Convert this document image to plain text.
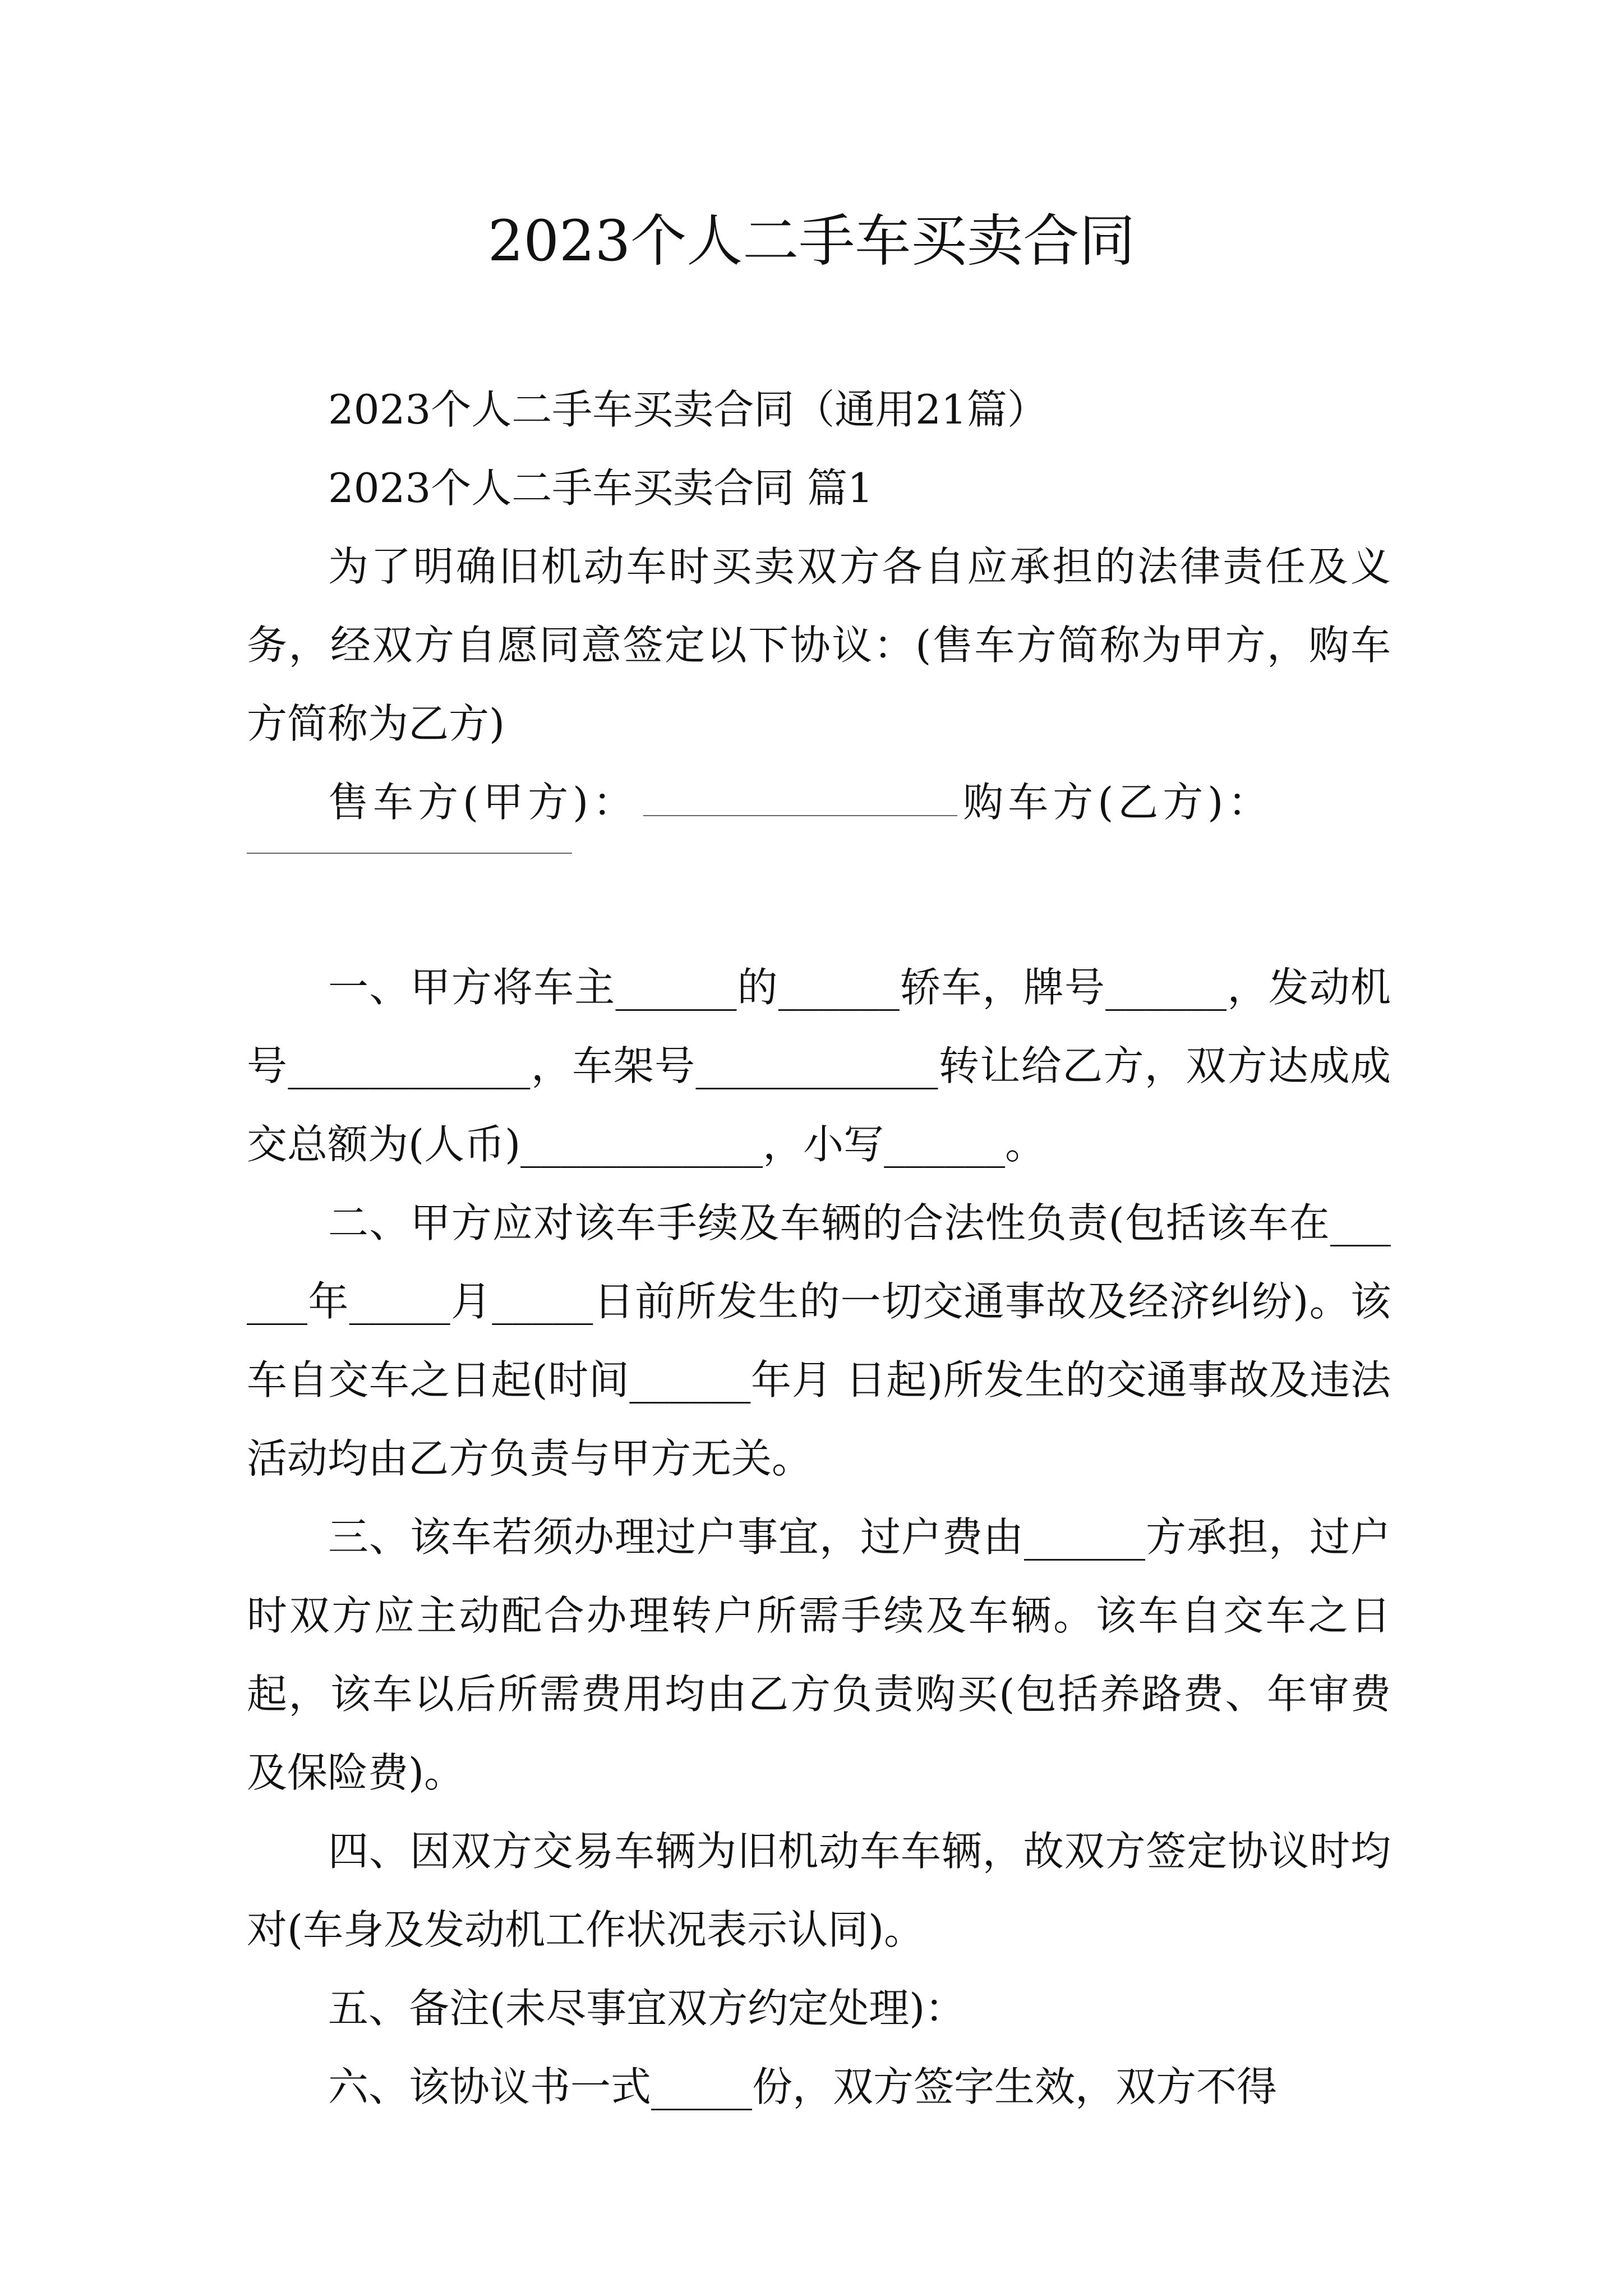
2023个人二手车买卖合同

2023个人二手车买卖合同（通用21篇）

2023个人二手车买卖合同 篇1

为了明确旧机动车时买卖双方各自应承担的法律责任及义务，经双方自愿同意签定以下协议：(售车方简称为甲方，购车方简称为乙方)

售车方(甲方)：	购车方(乙方)：

一、甲方将车主______的______轿车，牌号______，发动机号____________，车架号____________转让给乙方，双方达成成交总额为(人币)____________，小写______。

二、甲方应对该车手续及车辆的合法性负责(包括该车在______年_____月_____日前所发生的一切交通事故及经济纠纷)。该车自交车之日起(时间______年月 日起)所发生的交通事故及违法活动均由乙方负责与甲方无关。

三、该车若须办理过户事宜，过户费由______方承担，过户时双方应主动配合办理转户所需手续及车辆。该车自交车之日起，该车以后所需费用均由乙方负责购买(包括养路费、年审费及保险费)。

四、因双方交易车辆为旧机动车车辆，故双方签定协议时均对(车身及发动机工作状况表示认同)。

五、备注(未尽事宜双方约定处理)：

六、该协议书一式_____份，双方签字生效，双方不得
